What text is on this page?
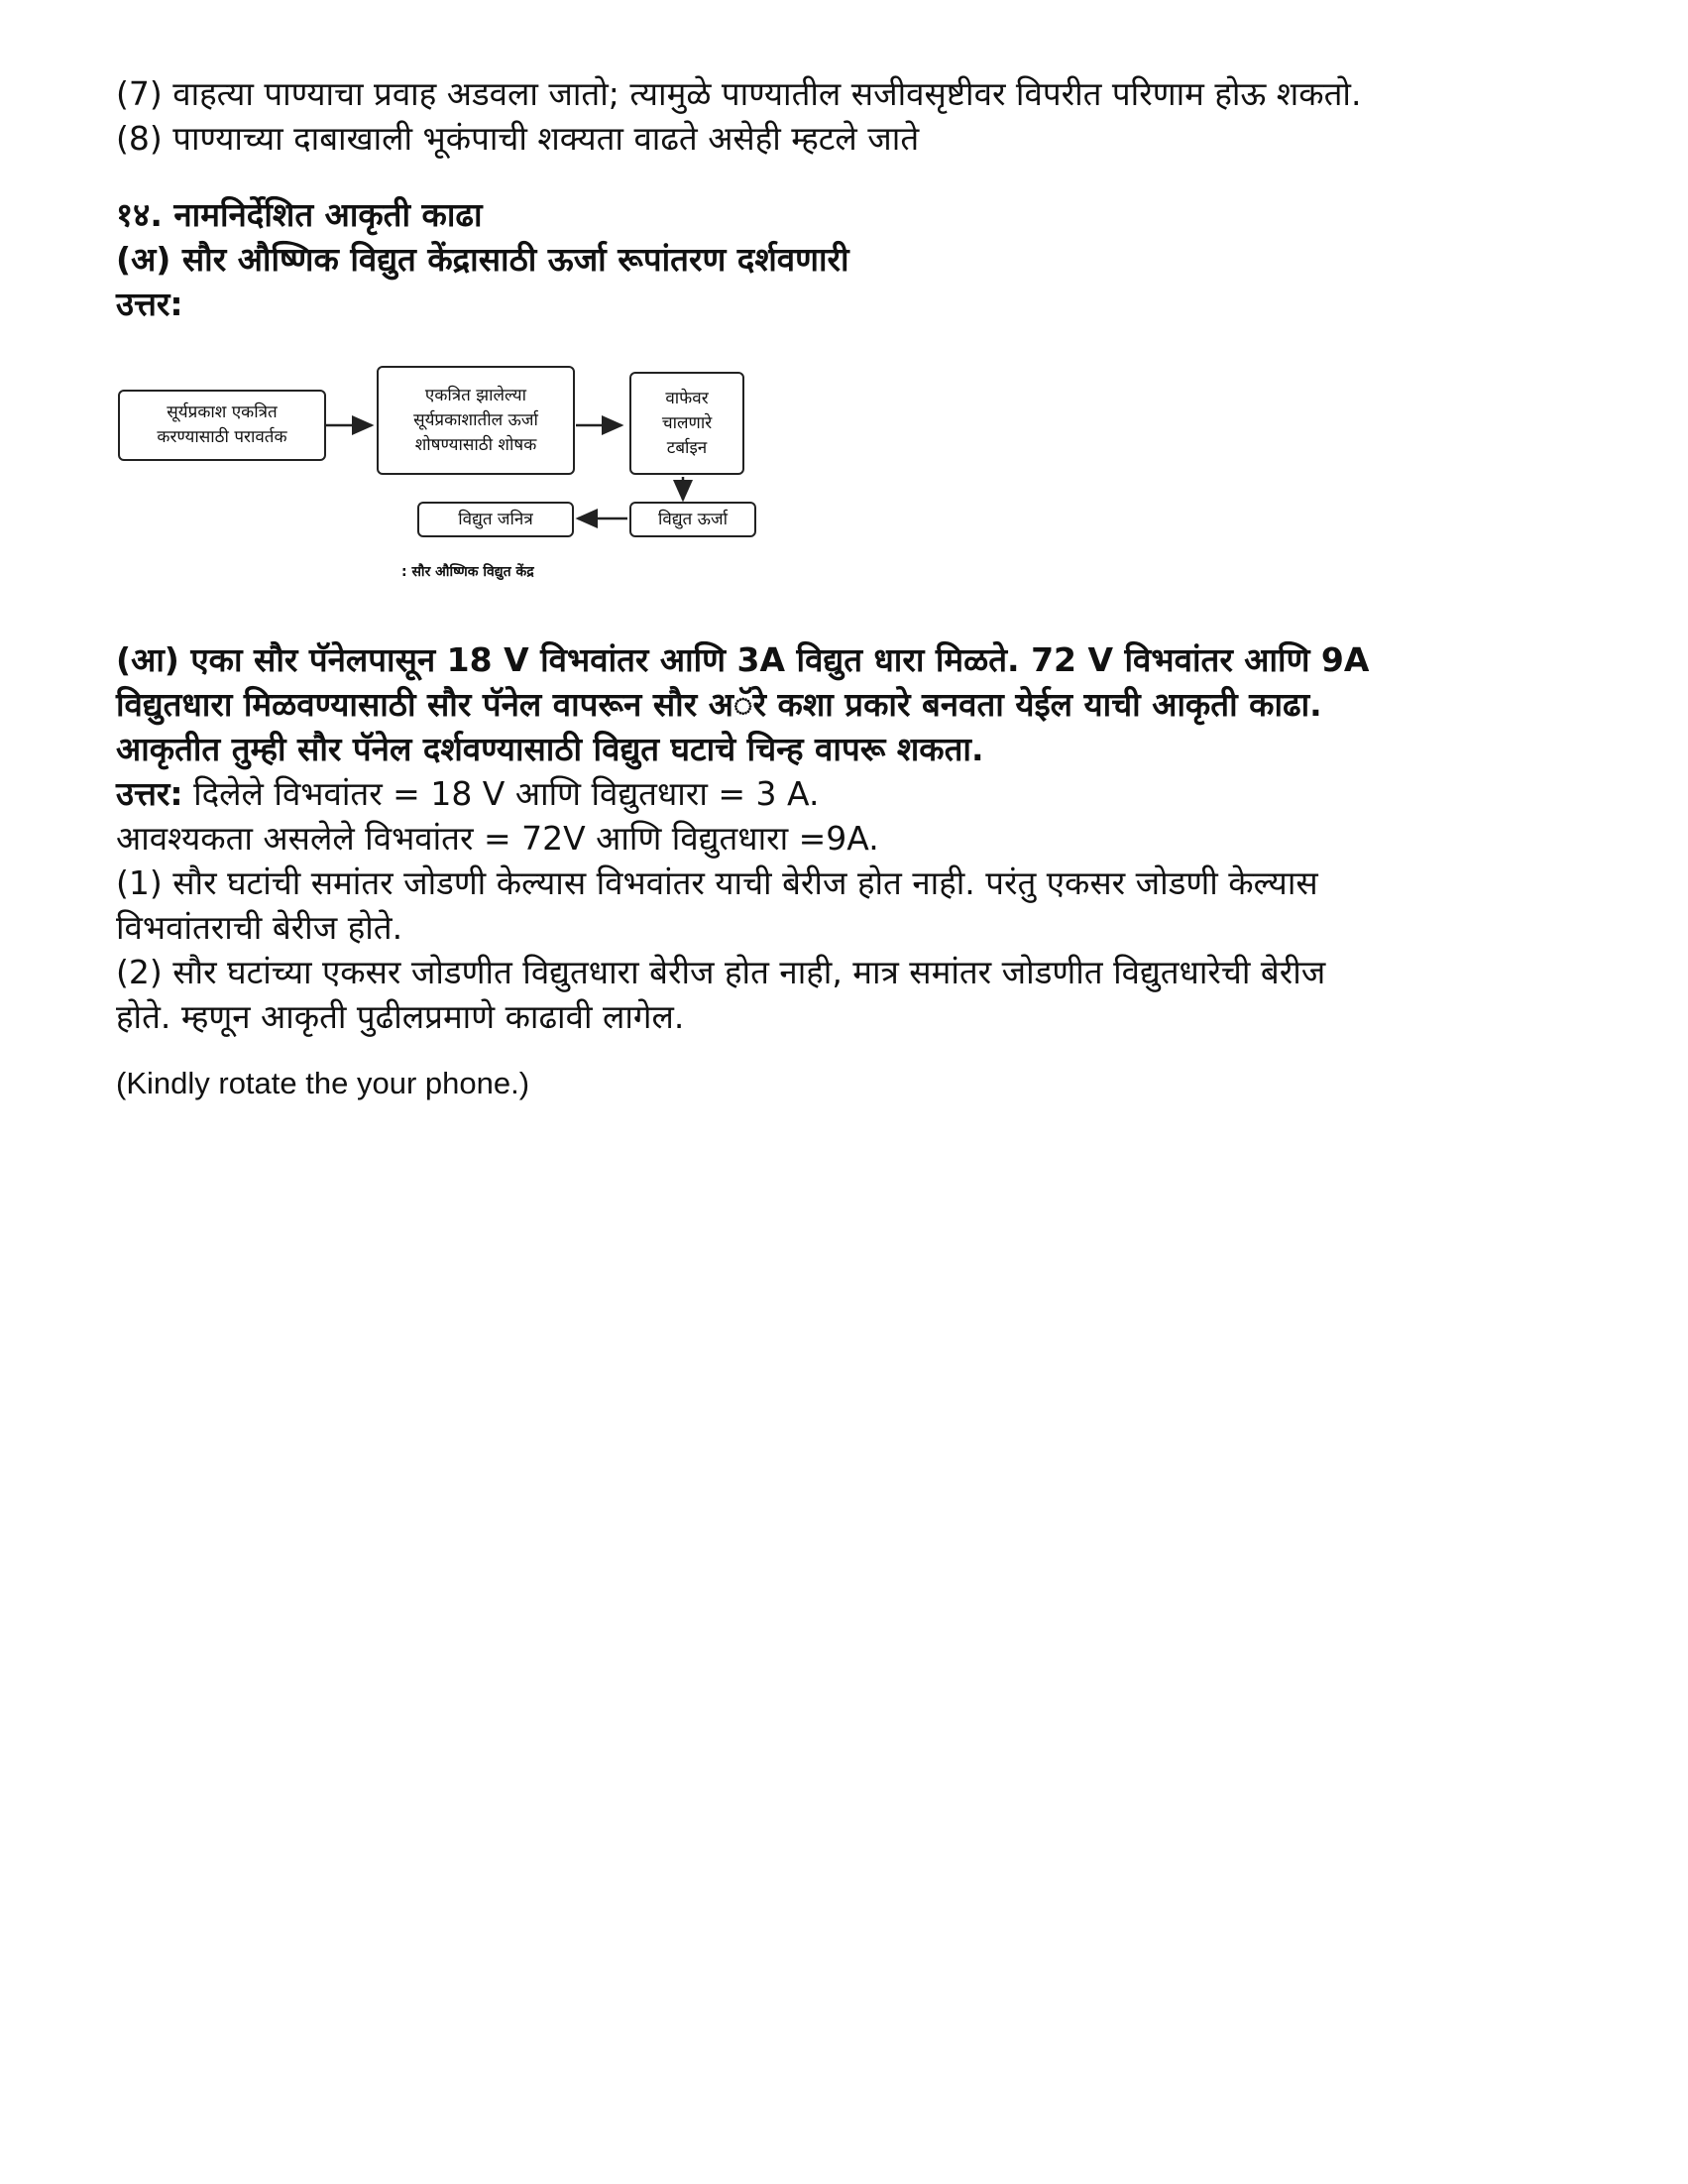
(7) वाहत्या पाण्याचा प्रवाह अडवला जातो; त्यामुळे पाण्यातील सजीवसृष्टीवर विपरीत परिणाम होऊ शकतो.
(8) पाण्याच्या दाबाखाली भूकंपाची शक्यता वाढते असेही म्हटले जाते
१४. नामनिर्देशित आकृती काढा
(अ) सौर औष्णिक विद्युत केंद्रासाठी ऊर्जा रूपांतरण दर्शवणारी
उत्तर:
सूर्यप्रकाश एकत्रित
करण्यासाठी परावर्तक
एकत्रित झालेल्या
सूर्यप्रकाशातील ऊर्जा
शोषण्यासाठी शोषक
वाफेवर
चालणारे
टर्बाइन
विद्युत ऊर्जा
विद्युत जनित्र
: सौर औष्णिक विद्युत केंद्र
(आ) एका सौर पॅनेलपासून 18 V विभवांतर आणि 3A विद्युत धारा मिळते. 72 V विभवांतर आणि 9A
विद्युतधारा मिळवण्यासाठी सौर पॅनेल वापरून सौर अॅरे कशा प्रकारे बनवता येईल याची आकृती काढा.
आकृतीत तुम्ही सौर पॅनेल दर्शवण्यासाठी विद्युत घटाचे चिन्ह वापरू शकता.
उत्तर: दिलेले विभवांतर = 18 V आणि विद्युतधारा = 3 A.
आवश्यकता असलेले विभवांतर = 72V आणि विद्युतधारा =9A.
(1) सौर घटांची समांतर जोडणी केल्यास विभवांतर याची बेरीज होत नाही. परंतु एकसर जोडणी केल्यास
विभवांतराची बेरीज होते.
(2) सौर घटांच्या एकसर जोडणीत विद्युतधारा बेरीज होत नाही, मात्र समांतर जोडणीत विद्युतधारेची बेरीज
होते. म्हणून आकृती पुढीलप्रमाणे काढावी लागेल.
(Kindly rotate the your phone.)
